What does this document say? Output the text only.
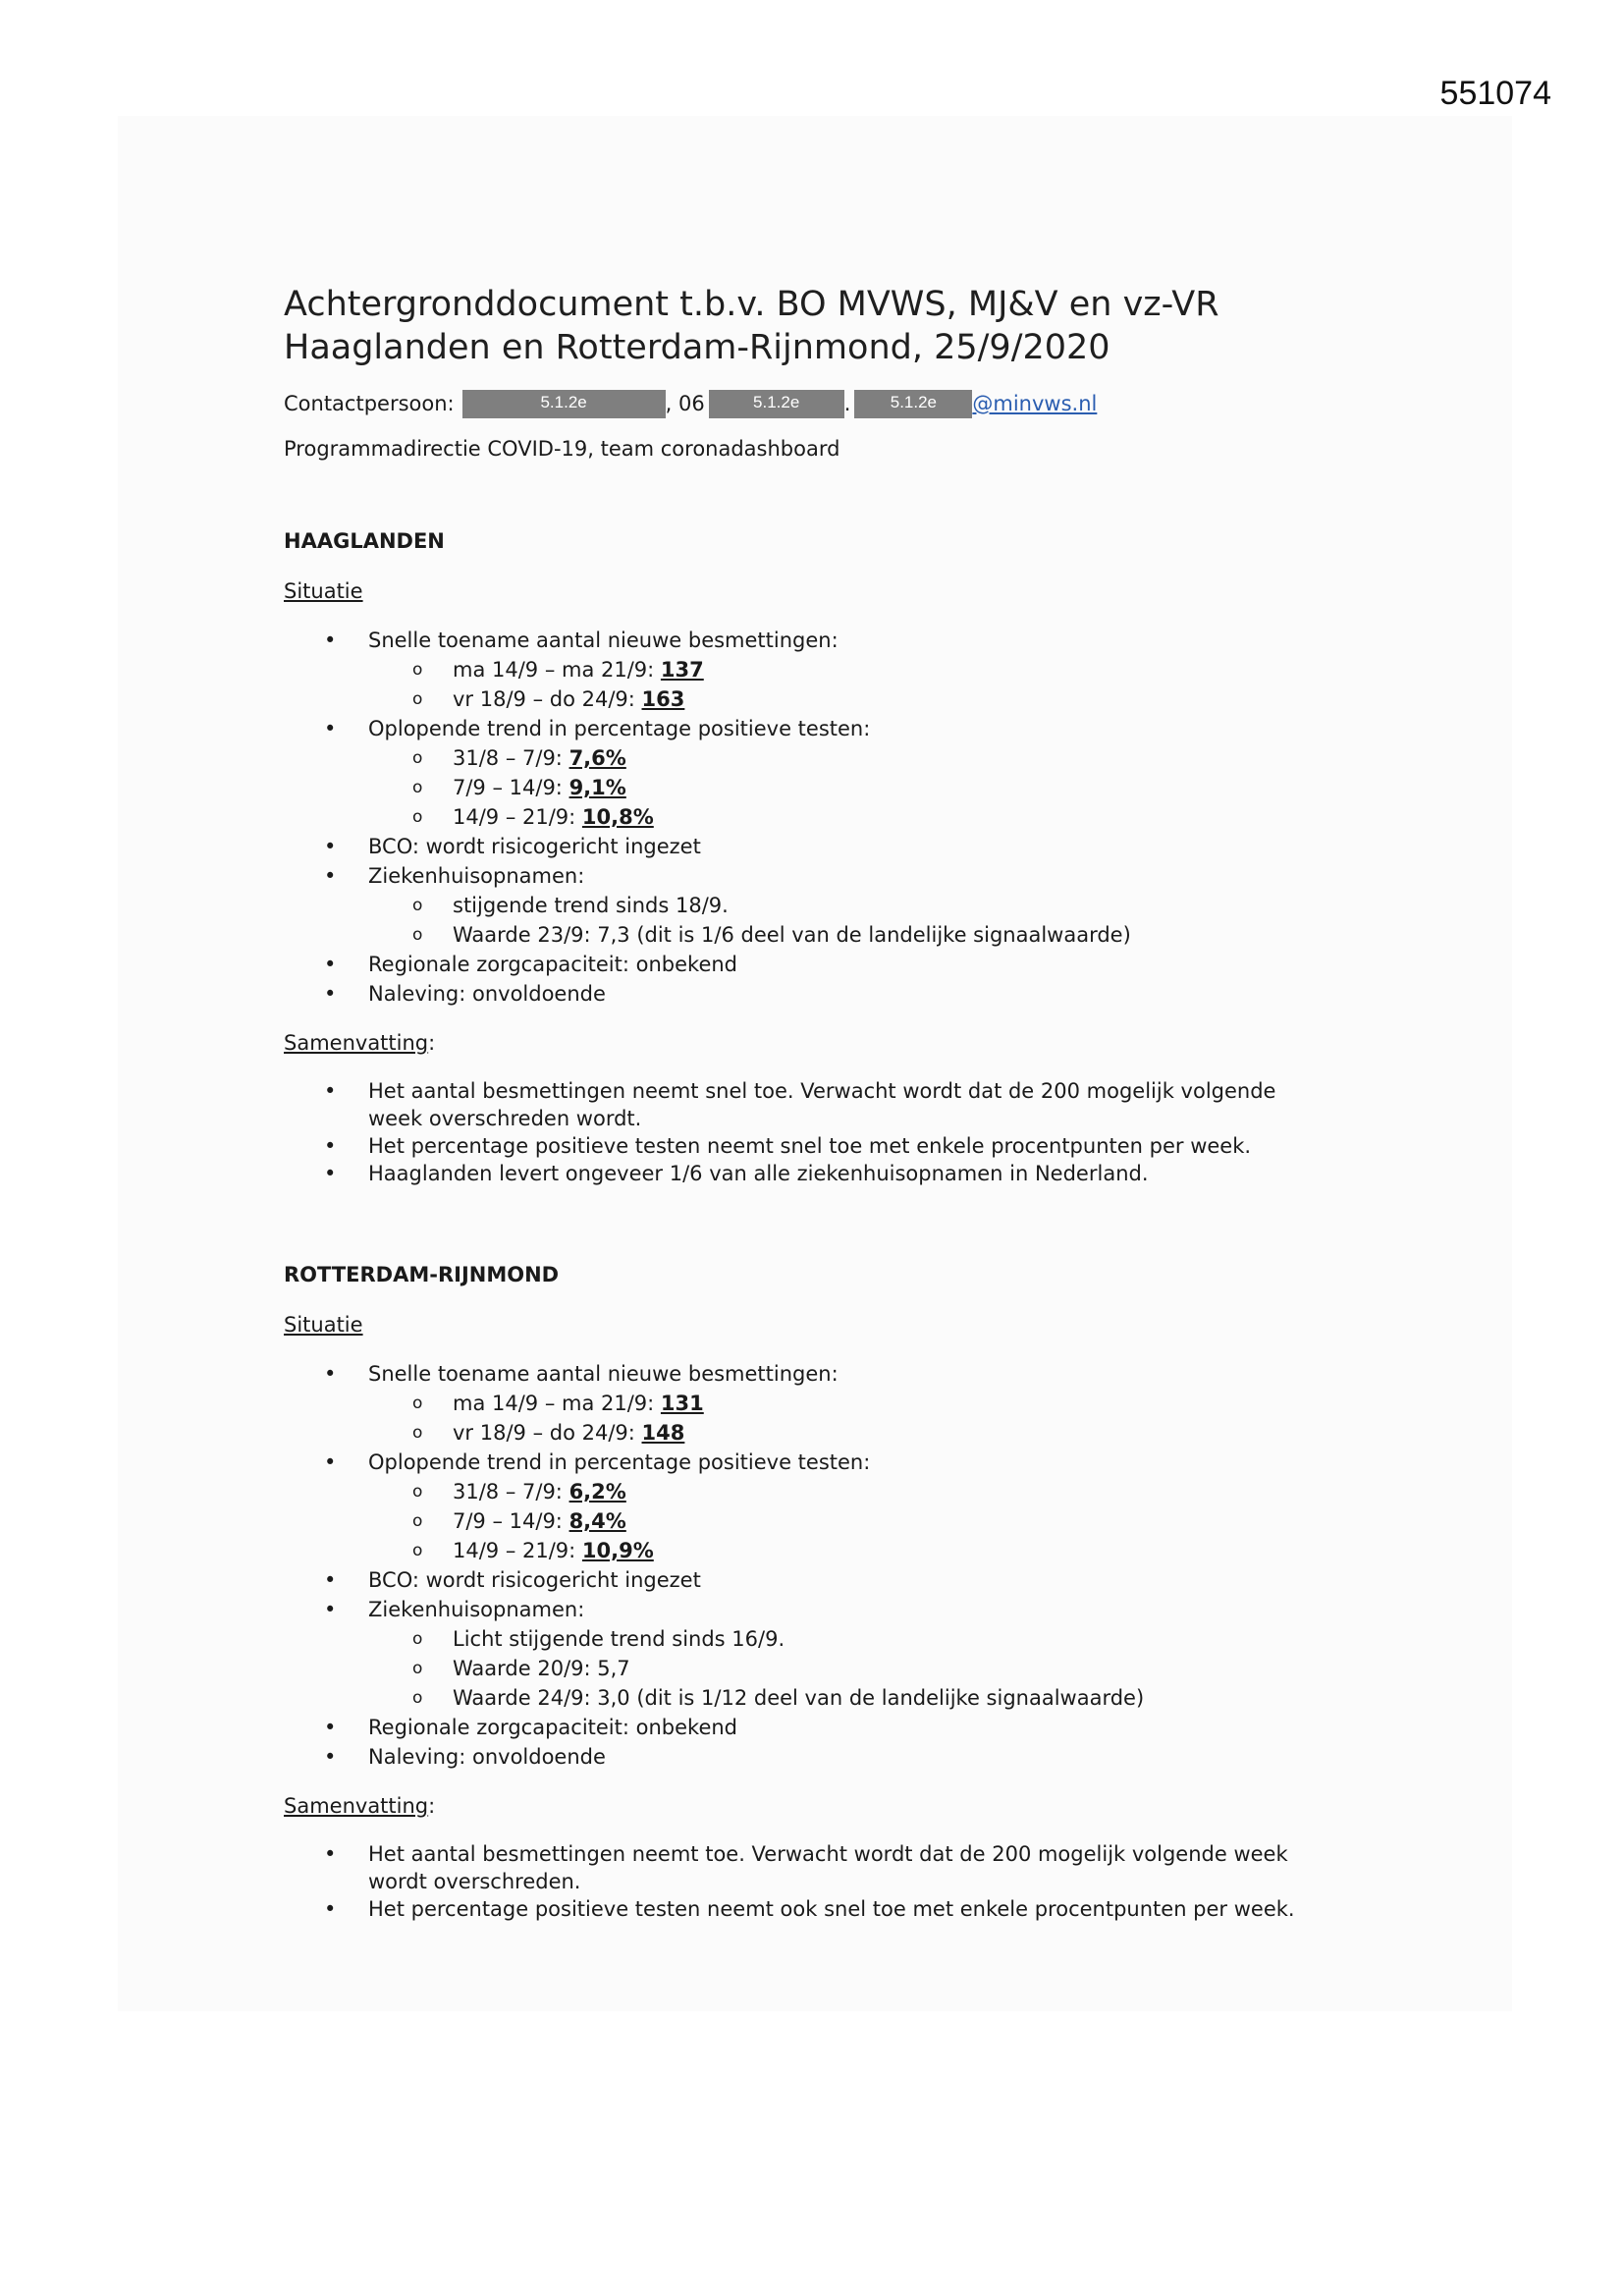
551074
Achtergronddocument t.b.v. BO MVWS, MJ&V en vz-VR
Haaglanden en Rotterdam-Rijnmond, 25/9/2020
Contactpersoon:	5.1.2e	, 06	5.1.2e	.	5.1.2e	@minvws.nl
Programmadirectie COVID-19, team coronadashboard

HAAGLANDEN

Situatie

• Snelle toename aantal nieuwe besmettingen:
o ma 14/9 – ma 21/9: 137
o vr 18/9 – do 24/9: 163
• Oplopende trend in percentage positieve testen:
o 31/8 – 7/9: 7,6%
o 7/9 – 14/9: 9,1%
o 14/9 – 21/9: 10,8%
• BCO: wordt risicogericht ingezet
• Ziekenhuisopnamen:
o stijgende trend sinds 18/9.
o Waarde 23/9: 7,3 (dit is 1/6 deel van de landelijke signaalwaarde)
• Regionale zorgcapaciteit: onbekend
• Naleving: onvoldoende

Samenvatting:

• Het aantal besmettingen neemt snel toe. Verwacht wordt dat de 200 mogelijk volgende week overschreden wordt.
• Het percentage positieve testen neemt snel toe met enkele procentpunten per week.
• Haaglanden levert ongeveer 1/6 van alle ziekenhuisopnamen in Nederland.

ROTTERDAM-RIJNMOND

Situatie

• Snelle toename aantal nieuwe besmettingen:
o ma 14/9 – ma 21/9: 131
o vr 18/9 – do 24/9: 148
• Oplopende trend in percentage positieve testen:
o 31/8 – 7/9: 6,2%
o 7/9 – 14/9: 8,4%
o 14/9 – 21/9: 10,9%
• BCO: wordt risicogericht ingezet
• Ziekenhuisopnamen:
o Licht stijgende trend sinds 16/9.
o Waarde 20/9: 5,7
o Waarde 24/9: 3,0 (dit is 1/12 deel van de landelijke signaalwaarde)
• Regionale zorgcapaciteit: onbekend
• Naleving: onvoldoende

Samenvatting:

• Het aantal besmettingen neemt toe. Verwacht wordt dat de 200 mogelijk volgende week wordt overschreden.
• Het percentage positieve testen neemt ook snel toe met enkele procentpunten per week.
